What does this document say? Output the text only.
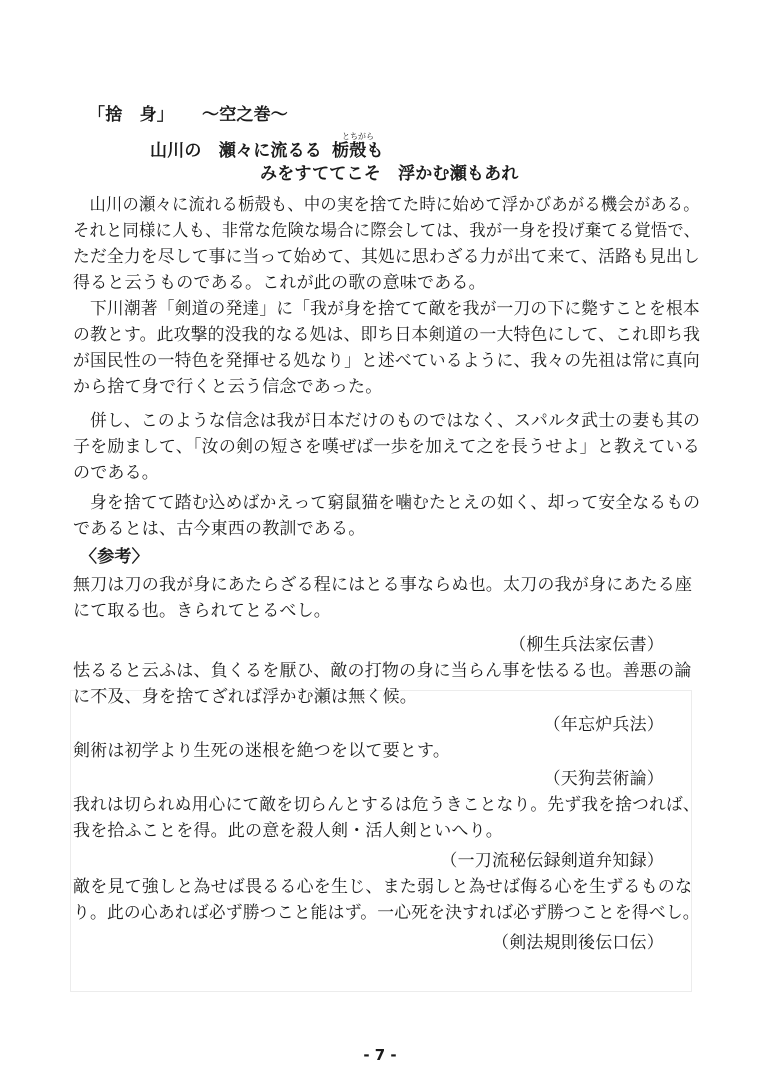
「捨　身」 ～空之巻～
山川の　瀬々に流るる 栃殻も
とちがら
みをすててこそ　浮かむ瀬もあれ
　山川の瀬々に流れる栃殻も、中の実を捨てた時に始めて浮かびあがる機会がある。
それと同様に人も、非常な危険な場合に際会しては、我が一身を投げ棄てる覚悟で、
ただ全力を尽して事に当って始めて、其処に思わざる力が出て来て、活路も見出し
得ると云うものである。これが此の歌の意味である。
　下川潮著「剣道の発達」に「我が身を捨てて敵を我が一刀の下に斃すことを根本
の教とす。此攻撃的没我的なる処は、即ち日本剣道の一大特色にして、これ即ち我
が国民性の一特色を発揮せる処なり」と述べているように、我々の先祖は常に真向
から捨て身で行くと云う信念であった。
　併し、このような信念は我が日本だけのものではなく、スパルタ武士の妻も其の
子を励まして、「汝の剣の短さを嘆ぜば一歩を加えて之を長うせよ」と教えている
のである。
　身を捨てて踏む込めばかえって窮鼠猫を噛むたとえの如く、却って安全なるもの
であるとは、古今東西の教訓である。
〈参考〉
無刀は刀の我が身にあたらざる程にはとる事ならぬ也。太刀の我が身にあたる座
にて取る也。きられてとるべし。
（柳生兵法家伝書）
怯るると云ふは、負くるを厭ひ、敵の打物の身に当らん事を怯るる也。善悪の論
に不及、身を捨てざれば浮かむ瀬は無く候。
（年忘炉兵法）
剣術は初学より生死の迷根を絶つを以て要とす。
（天狗芸術論）
我れは切られぬ用心にて敵を切らんとするは危うきことなり。先ず我を捨つれば、
我を拾ふことを得。此の意を殺人剣・活人剣といへり。
（一刀流秘伝録剣道弁知録）
敵を見て強しと為せば畏るる心を生じ、また弱しと為せば侮る心を生ずるものな
り。此の心あれば必ず勝つこと能はず。一心死を決すれば必ず勝つことを得べし。
（剣法規則後伝口伝）
- 7 -
